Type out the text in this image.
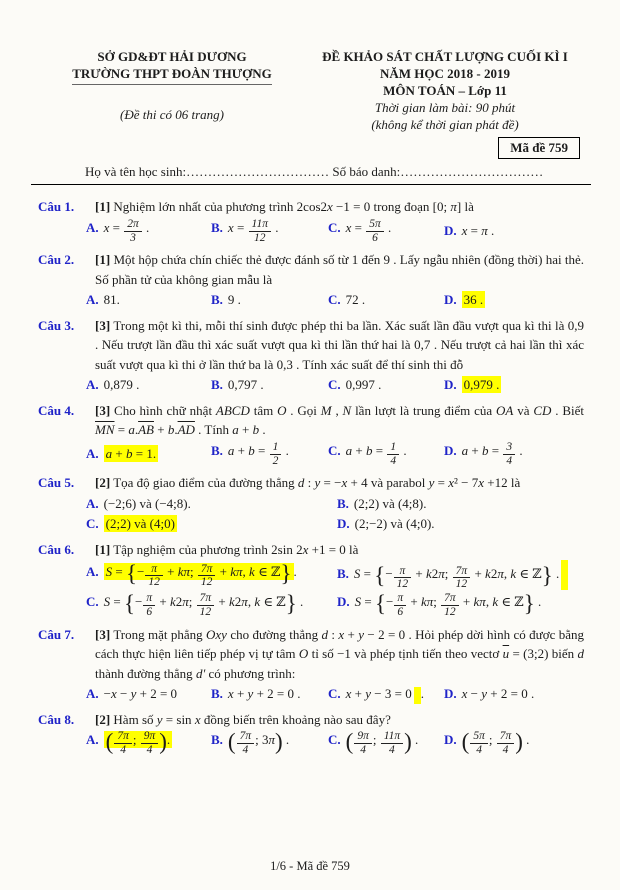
SỞ GD&ĐT HẢI DƯƠNG
TRƯỜNG THPT ĐOÀN THƯỢNG
(Đề thi có 06 trang)
ĐỀ KHẢO SÁT CHẤT LƯỢNG CUỐI KÌ I
NĂM HỌC 2018 - 2019
MÔN TOÁN – Lớp 11
Thời gian làm bài: 90 phút
(không kể thời gian phát đề)
Mã đề 759
Họ và tên học sinh:…………………………… Số báo danh:……………………………
Câu 1. [1] Nghiệm lớn nhất của phương trình 2cos2x −1 = 0 trong đoạn [0; π] là
A. $x = \frac{2\pi}{3}$ .	B. $x = \frac{11\pi}{12}$ .	C. $x = \frac{5\pi}{6}$ .	D. x = π .
Câu 2. [1] Một hộp chứa chín chiếc thẻ được đánh số từ 1 đến 9 . Lấy ngẫu nhiên (đồng thời) hai thẻ. Số phần tử của không gian mẫu là
A. 81.	B. 9 .	C. 72 .	D. 36 .
Câu 3. [3] Trong một kì thi, mỗi thí sinh được phép thi ba lần. Xác suất lần đầu vượt qua kì thi là 0,9 . Nếu trượt lần đầu thì xác suất vượt qua kì thi lần thứ hai là 0,7 . Nếu trượt cả hai lần thì xác suất vượt qua kì thi ở lần thứ ba là 0,3 . Tính xác suất để thí sinh thi đỗ
A. 0,879 .	B. 0,797 .	C. 0,997 .	D. 0,979 .
Câu 4. [3] Cho hình chữ nhật ABCD tâm O . Gọi M , N lần lượt là trung điểm của OA và CD . Biết $\overline{MN} = a.\overline{AB} + b.\overline{AD}$ . Tính a + b .
A. a + b = 1.	B. $a + b = \frac{1}{2}$ .	C. $a + b = \frac{1}{4}$ .	D. $a + b = \frac{3}{4}$ .
Câu 5. [2] Tọa độ giao điểm của đường thẳng d : y = −x + 4 và parabol y = x² − 7x +12 là
A. (−2;6) và (−4;8).	B. (2;2) và (4;8).
C. (2;2) và (4;0)	D. (2;−2) và (4;0).
Câu 6. [1] Tập nghiệm của phương trình 2sin 2x +1 = 0 là
A. S = {− $\frac{\pi}{12} + k\pi$; $\frac{7\pi}{12} + k\pi$, k ∈ ℤ} .	B. S = {− $\frac{\pi}{12} + k2\pi$; $\frac{7\pi}{12} + k2\pi$, k ∈ ℤ} .
C. S = {− $\frac{\pi}{6} + k2\pi$; $\frac{7\pi}{12} + k2\pi$, k ∈ ℤ} .	D. S = {− $\frac{\pi}{6} + k\pi$; $\frac{7\pi}{12} + k\pi$, k ∈ ℤ} .
Câu 7. [3] Trong mặt phẳng Oxy cho đường thẳng d : x + y − 2 = 0 . Hỏi phép dời hình có được bằng cách thực hiện liên tiếp phép vị tự tâm O tỉ số −1 và phép tịnh tiến theo vectơ $\overline{u}$ = (3;2) biến d thành đường thẳng d′ có phương trình:
A. −x − y + 2 = 0	B. x + y + 2 = 0 .	C. x + y − 3 = 0 .	D. x − y + 2 = 0 .
Câu 8. [2] Hàm số y = sin x đồng biến trên khoảng nào sau đây?
A. ( $\frac{7\pi}{4}$ ; $\frac{9\pi}{4}$ ).	B. ( $\frac{7\pi}{4}$ ; 3π) .	C. ( $\frac{9\pi}{4}$ ; $\frac{11\pi}{4}$ ) .	D. ( $\frac{5\pi}{4}$ ; $\frac{7\pi}{4}$ ) .
1/6 - Mã đề 759
